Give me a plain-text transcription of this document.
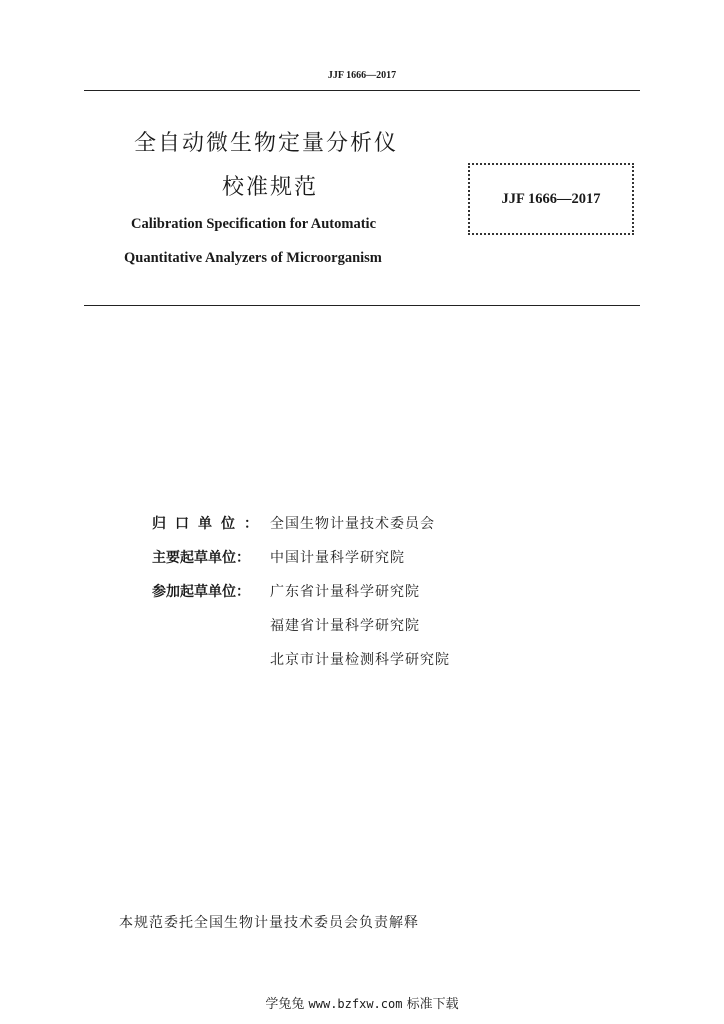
JJF 1666—2017
全自动微生物定量分析仪
校准规范
Calibration Specification for Automatic
Quantitative Analyzers of Microorganism
JJF 1666—2017
归口单位： 全国生物计量技术委员会
主要起草单位：	中国计量科学研究院
参加起草单位：	广东省计量科学研究院
福建省计量科学研究院
北京市计量检测科学研究院
本规范委托全国生物计量技术委员会负责解释
学兔兔 www.bzfxw.com 标准下载
